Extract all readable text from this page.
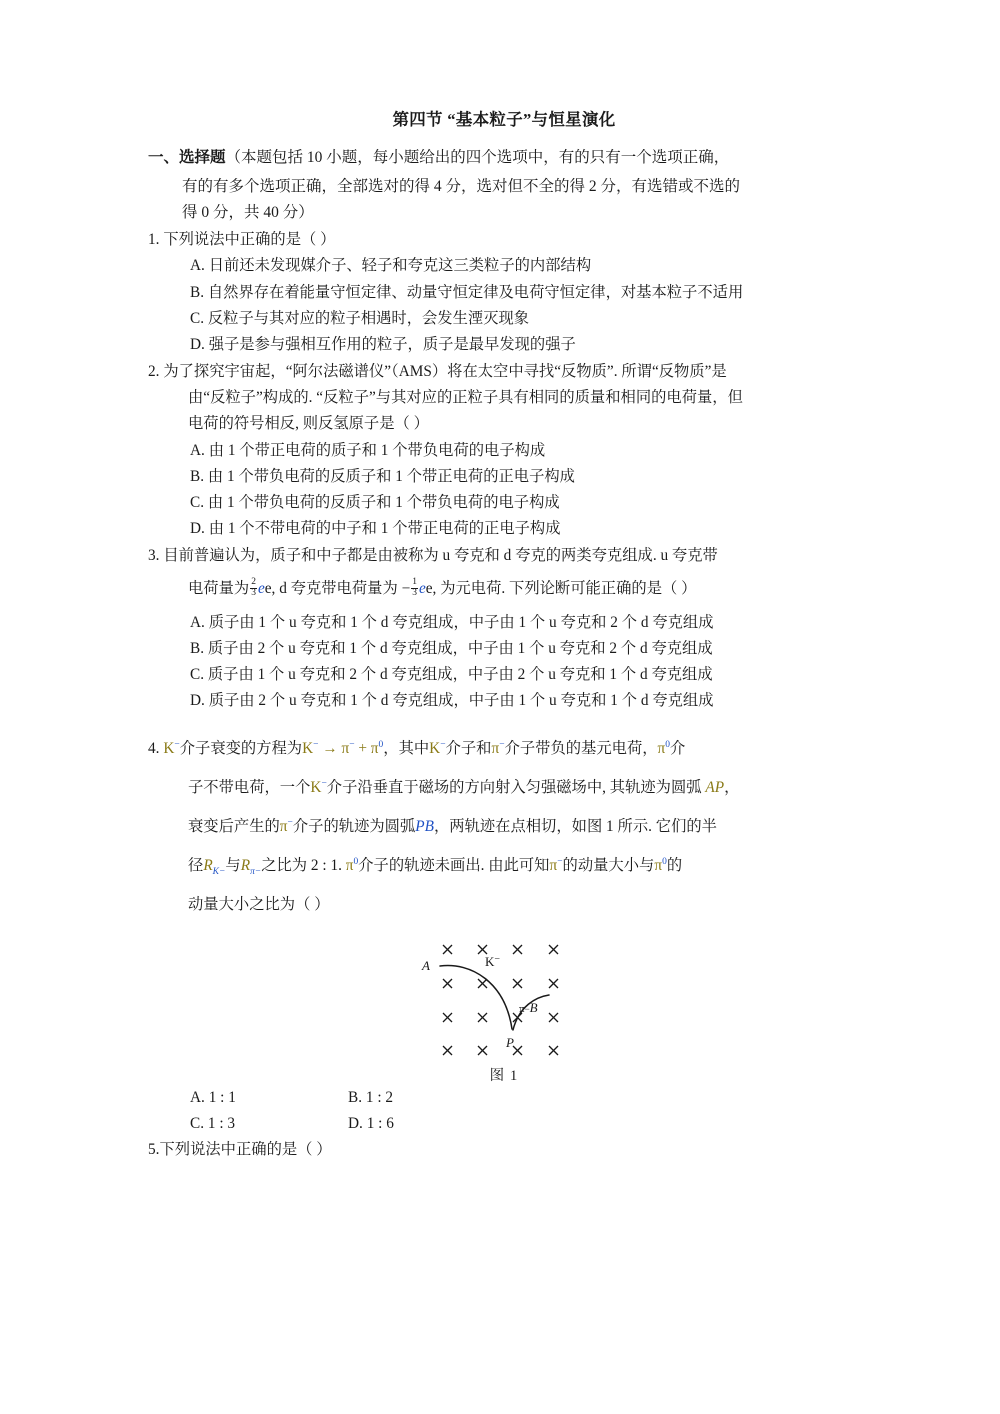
第四节 “基本粒子”与恒星演化
一、选择题（本题包括 10 小题，每小题给出的四个选项中，有的只有一个选项正确，
有的有多个选项正确，全部选对的得 4 分，选对但不全的得 2 分，有选错或不选的
得 0 分，共 40 分）
1. 下列说法中正确的是（ ）
A. 日前还未发现媒介子、轻子和夸克这三类粒子的内部结构
B. 自然界存在着能量守恒定律、动量守恒定律及电荷守恒定律，对基本粒子不适用
C. 反粒子与其对应的粒子相遇时，会发生湮灭现象
D. 强子是参与强相互作用的粒子，质子是最早发现的强子
2. 为了探究宇宙起，“阿尔法磁谱仪”（AMS）将在太空中寻找“反物质”. 所谓“反物质”是
由“反粒子”构成的. “反粒子”与其对应的正粒子具有相同的质量和相同的电荷量，但
电荷的符号相反, 则反氢原子是（ ）
A. 由 1 个带正电荷的质子和 1 个带负电荷的电子构成
B. 由 1 个带负电荷的反质子和 1 个带正电荷的正电子构成
C. 由 1 个带负电荷的反质子和 1 个带负电荷的电子构成
D. 由 1 个不带电荷的中子和 1 个带正电荷的正电子构成
3. 目前普遍认为，质子和中子都是由被称为 u 夸克和 d 夸克的两类夸克组成. u 夸克带
电荷量为 $\frac{2}{3}$ ee, d 夸克带电荷量为 − $\frac{1}{3}$ ee, 为元电荷. 下列论断可能正确的是（ ）
A. 质子由 1 个 u 夸克和 1 个 d 夸克组成，中子由 1 个 u 夸克和 2 个 d 夸克组成
B. 质子由 2 个 u 夸克和 1 个 d 夸克组成，中子由 1 个 u 夸克和 2 个 d 夸克组成
C. 质子由 1 个 u 夸克和 2 个 d 夸克组成，中子由 2 个 u 夸克和 1 个 d 夸克组成
D. 质子由 2 个 u 夸克和 1 个 d 夸克组成，中子由 1 个 u 夸克和 1 个 d 夸克组成
4. K−介子衰变的方程为$K^- \to \pi^- + \pi^0$，其中K−介子和π−介子带负的基元电荷，$\pi^0$介
子不带电荷，一个K−介子沿垂直于磁场的方向射入匀强磁场中, 其轨迹为圆弧 AP，
衰变后产生的π−介子的轨迹为圆弧PB，两轨迹在点相切，如图 1 所示. 它们的半
径$R_{K-}$与$R_{\pi-}$之比为 2 : 1. $\pi^0$介子的轨迹未画出. 由此可知π−的动量大小与$\pi^0$的
动量大小之比为（ ）
A	K−
π−B
P
图 1
A. 1 : 1	B. 1 : 2
C. 1 : 3	D. 1 : 6
5.下列说法中正确的是（ ）
